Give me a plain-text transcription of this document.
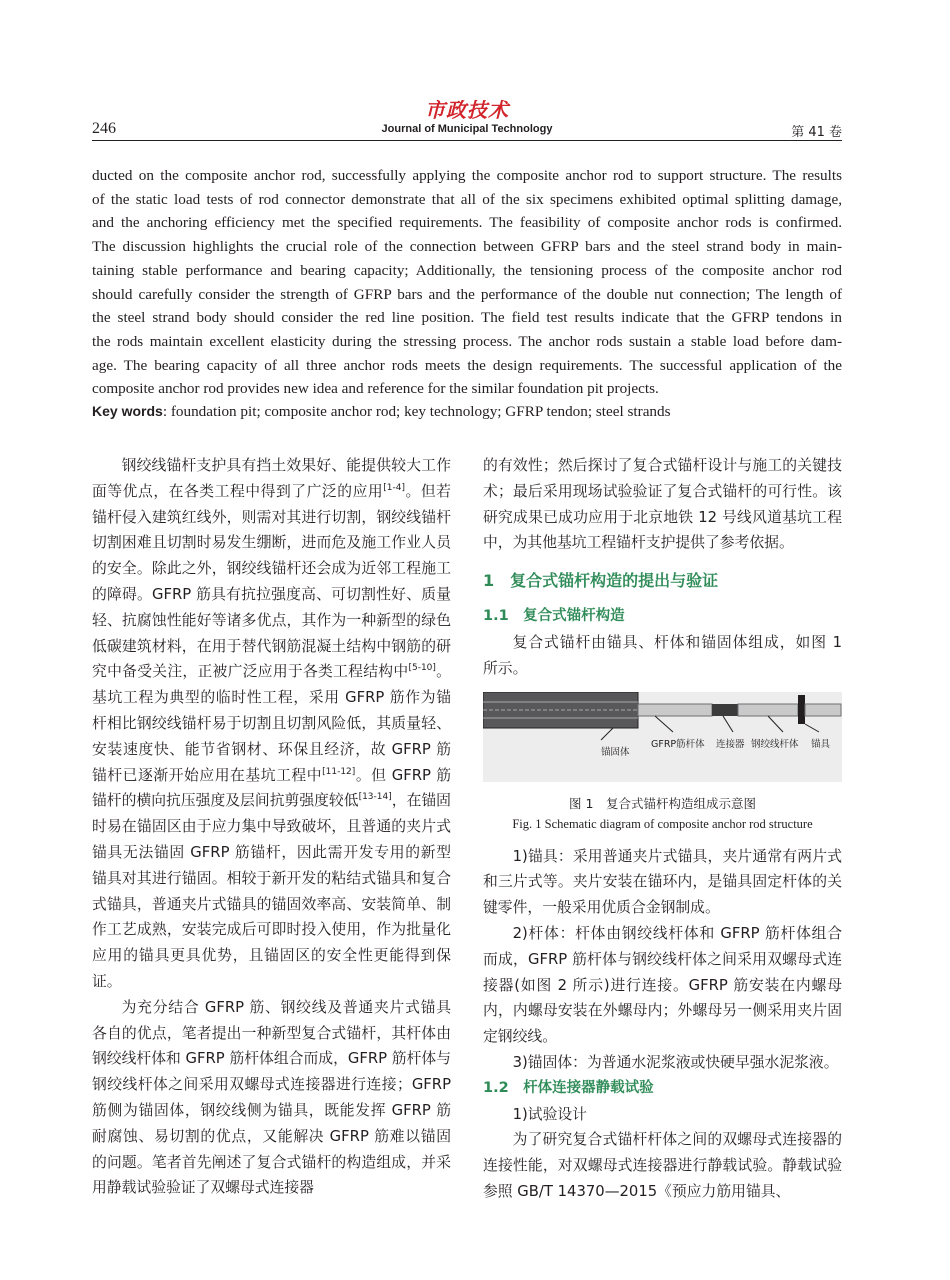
市政技术
246	Journal of Municipal Technology	第 41 卷
ducted on the composite anchor rod, successfully applying the composite anchor rod to support structure. The results
of the static load tests of rod connector demonstrate that all of the six specimens exhibited optimal splitting damage,
and the anchoring efficiency met the specified requirements. The feasibility of composite anchor rods is confirmed.
The discussion highlights the crucial role of the connection between GFRP bars and the steel strand body in main-
taining stable performance and bearing capacity; Additionally, the tensioning process of the composite anchor rod
should carefully consider the strength of GFRP bars and the performance of the double nut connection; The length of
the steel strand body should consider the red line position. The field test results indicate that the GFRP tendons in
the rods maintain excellent elasticity during the stressing process. The anchor rods sustain a stable load before dam-
age. The bearing capacity of all three anchor rods meets the design requirements. The successful application of the
composite anchor rod provides new idea and reference for the similar foundation pit projects.
Key words: foundation pit; composite anchor rod; key technology; GFRP tendon; steel strands

钢绞线锚杆支护具有挡土效果好、能提供较大工作面等优点，在各类工程中得到了广泛的应用[1-4]。但若锚杆侵入建筑红线外，则需对其进行切割，钢绞线锚杆切割困难且切割时易发生绷断，进而危及施工作业人员的安全。除此之外，钢绞线锚杆还会成为近邻工程施工的障碍。GFRP 筋具有抗拉强度高、可切割性好、质量轻、抗腐蚀性能好等诸多优点，其作为一种新型的绿色低碳建筑材料，在用于替代钢筋混凝土结构中钢筋的研究中备受关注，正被广泛应用于各类工程结构中[5-10]。基坑工程为典型的临时性工程，采用 GFRP 筋作为锚杆相比钢绞线锚杆易于切割且切割风险低，其质量轻、安装速度快、能节省钢材、环保且经济，故 GFRP 筋锚杆已逐渐开始应用在基坑工程中[11-12]。但 GFRP 筋锚杆的横向抗压强度及层间抗剪强度较低[13-14]，在锚固时易在锚固区由于应力集中导致破坏，且普通的夹片式锚具无法锚固 GFRP 筋锚杆，因此需开发专用的新型锚具对其进行锚固。相较于新开发的粘结式锚具和复合式锚具，普通夹片式锚具的锚固效率高、安装简单、制作工艺成熟，安装完成后可即时投入使用，作为批量化应用的锚具更具优势，且锚固区的安全性更能得到保证。

为充分结合 GFRP 筋、钢绞线及普通夹片式锚具各自的优点，笔者提出一种新型复合式锚杆，其杆体由钢绞线杆体和 GFRP 筋杆体组合而成，GFRP 筋杆体与钢绞线杆体之间采用双螺母式连接器进行连接；GFRP 筋侧为锚固体，钢绞线侧为锚具，既能发挥 GFRP 筋耐腐蚀、易切割的优点，又能解决 GFRP 筋难以锚固的问题。笔者首先阐述了复合式锚杆的构造组成，并采用静载试验验证了双螺母式连接器

的有效性；然后探讨了复合式锚杆设计与施工的关键技术；最后采用现场试验验证了复合式锚杆的可行性。该研究成果已成功应用于北京地铁 12 号线风道基坑工程中，为其他基坑工程锚杆支护提供了参考依据。

1　复合式锚杆构造的提出与验证
1.1　复合式锚杆构造

复合式锚杆由锚具、杆体和锚固体组成，如图 1 所示。

锚固体
GFRP筋杆体 连接器 钢绞线杆体 锚具
图 1　复合式锚杆构造组成示意图
Fig. 1 Schematic diagram of composite anchor rod structure

1)锚具：采用普通夹片式锚具，夹片通常有两片式和三片式等。夹片安装在锚环内，是锚具固定杆体的关键零件，一般采用优质合金钢制成。

2)杆体：杆体由钢绞线杆体和 GFRP 筋杆体组合而成，GFRP 筋杆体与钢绞线杆体之间采用双螺母式连接器(如图 2 所示)进行连接。GFRP 筋安装在内螺母内，内螺母安装在外螺母内；外螺母另一侧采用夹片固定钢绞线。

3)锚固体：为普通水泥浆液或快硬早强水泥浆液。

1.2　杆体连接器静载试验

1)试验设计

为了研究复合式锚杆杆体之间的双螺母式连接器的连接性能，对双螺母式连接器进行静载试验。静载试验参照 GB/T 14370—2015《预应力筋用锚具、
